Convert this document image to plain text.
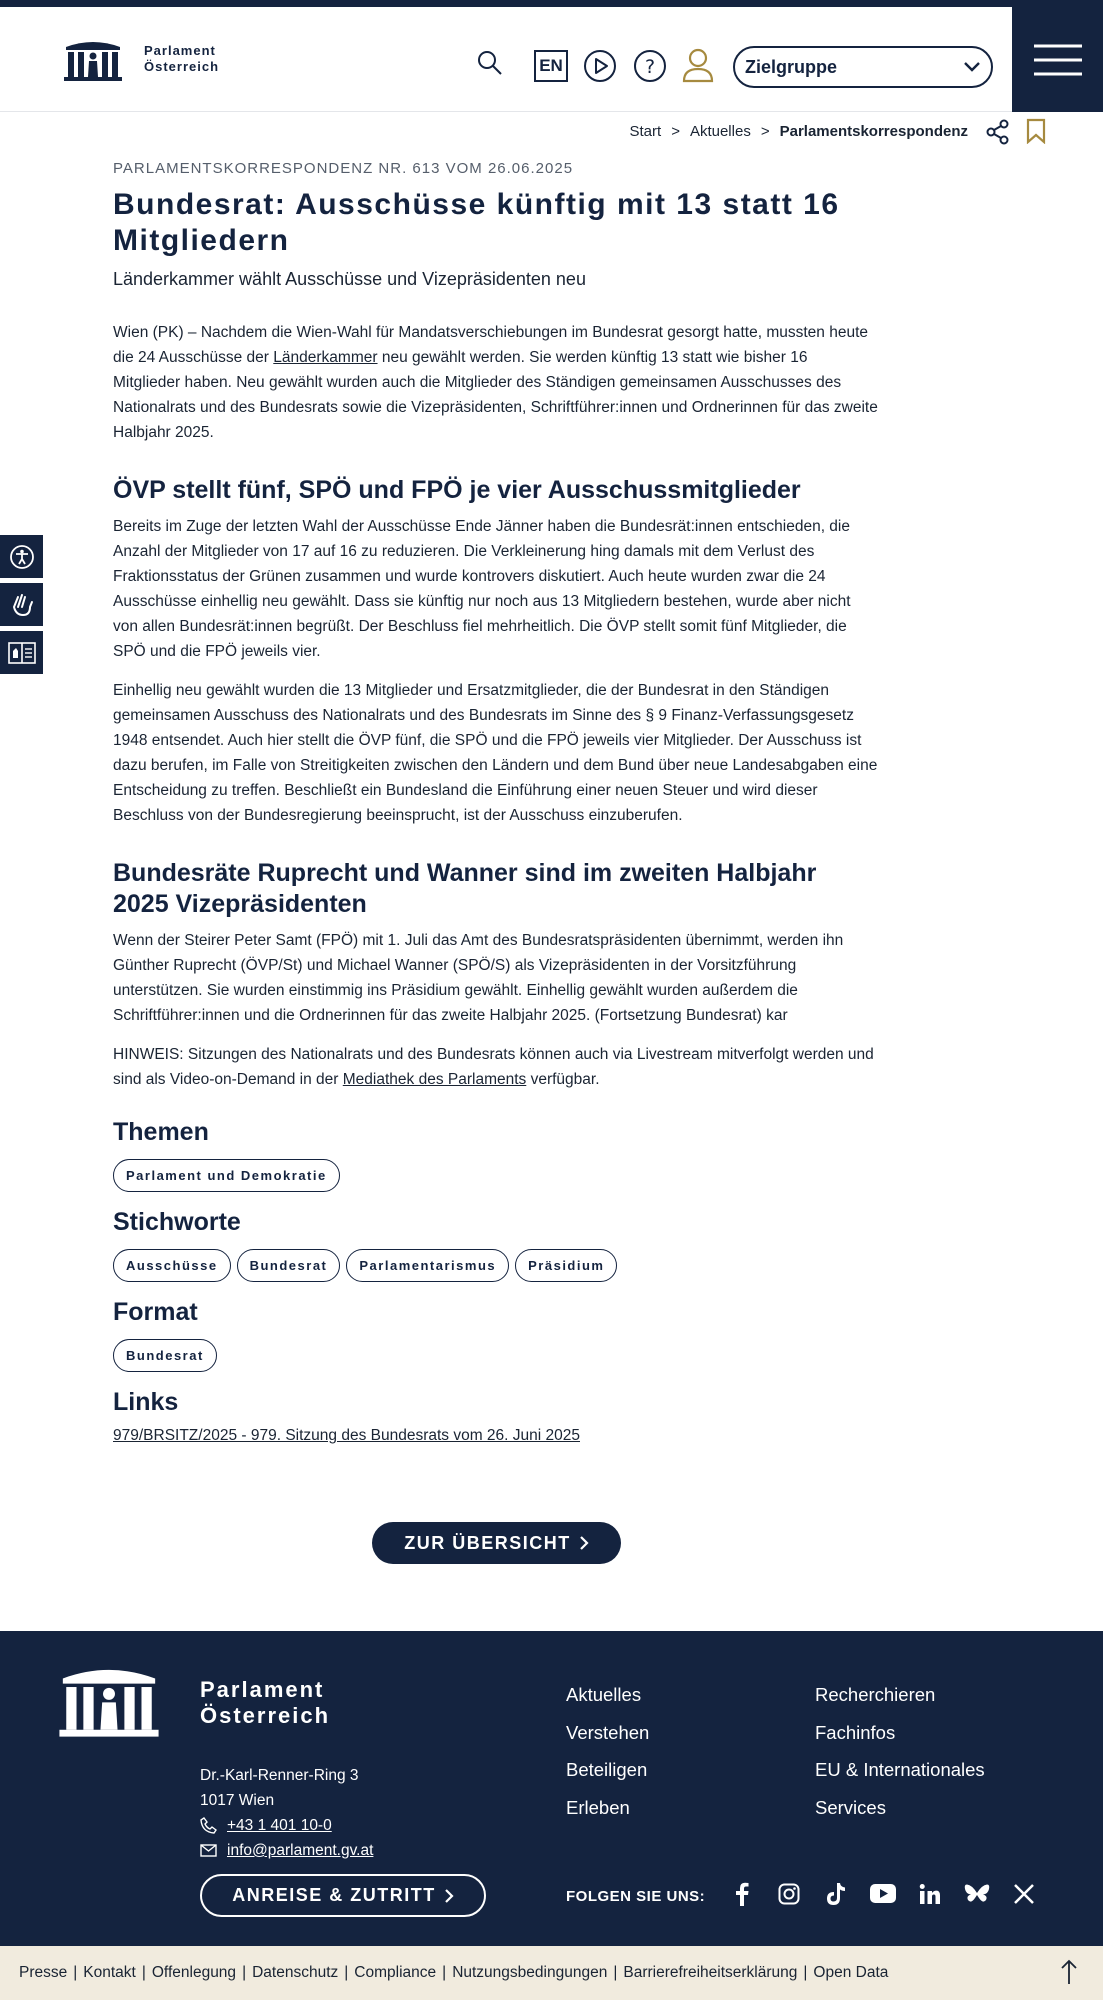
Parlament
Österreich	EN	?	Zielgruppe
Start > Aktuelles > Parlamentskorrespondenz
PARLAMENTSKORRESPONDENZ NR. 613 VOM 26.06.2025
Bundesrat: Ausschüsse künftig mit 13 statt 16 Mitgliedern
Länderkammer wählt Ausschüsse und Vizepräsidenten neu

Wien (PK) – Nachdem die Wien-Wahl für Mandatsverschiebungen im Bundesrat gesorgt hatte, mussten heute die 24 Ausschüsse der Länderkammer neu gewählt werden. Sie werden künftig 13 statt wie bisher 16 Mitglieder haben. Neu gewählt wurden auch die Mitglieder des Ständigen gemeinsamen Ausschusses des Nationalrats und des Bundesrats sowie die Vizepräsidenten, Schriftführer:innen und Ordnerinnen für das zweite Halbjahr 2025.

ÖVP stellt fünf, SPÖ und FPÖ je vier Ausschussmitglieder

Bereits im Zuge der letzten Wahl der Ausschüsse Ende Jänner haben die Bundesrät:innen entschieden, die Anzahl der Mitglieder von 17 auf 16 zu reduzieren. Die Verkleinerung hing damals mit dem Verlust des Fraktionsstatus der Grünen zusammen und wurde kontrovers diskutiert. Auch heute wurden zwar die 24 Ausschüsse einhellig neu gewählt. Dass sie künftig nur noch aus 13 Mitgliedern bestehen, wurde aber nicht von allen Bundesrät:innen begrüßt. Der Beschluss fiel mehrheitlich. Die ÖVP stellt somit fünf Mitglieder, die SPÖ und die FPÖ jeweils vier.

Einhellig neu gewählt wurden die 13 Mitglieder und Ersatzmitglieder, die der Bundesrat in den Ständigen gemeinsamen Ausschuss des Nationalrats und des Bundesrats im Sinne des § 9 Finanz-Verfassungsgesetz 1948 entsendet. Auch hier stellt die ÖVP fünf, die SPÖ und die FPÖ jeweils vier Mitglieder. Der Ausschuss ist dazu berufen, im Falle von Streitigkeiten zwischen den Ländern und dem Bund über neue Landesabgaben eine Entscheidung zu treffen. Beschließt ein Bundesland die Einführung einer neuen Steuer und wird dieser Beschluss von der Bundesregierung beeinsprucht, ist der Ausschuss einzuberufen.

Bundesräte Ruprecht und Wanner sind im zweiten Halbjahr 2025 Vizepräsidenten

Wenn der Steirer Peter Samt (FPÖ) mit 1. Juli das Amt des Bundesratspräsidenten übernimmt, werden ihn Günther Ruprecht (ÖVP/St) und Michael Wanner (SPÖ/S) als Vizepräsidenten in der Vorsitzführung unterstützen. Sie wurden einstimmig ins Präsidium gewählt. Einhellig gewählt wurden außerdem die Schriftführer:innen und die Ordnerinnen für das zweite Halbjahr 2025. (Fortsetzung Bundesrat) kar

HINWEIS: Sitzungen des Nationalrats und des Bundesrats können auch via Livestream mitverfolgt werden und sind als Video-on-Demand in der Mediathek des Parlaments verfügbar.

Themen
Parlament und Demokratie
Stichworte
Ausschüsse	Bundesrat	Parlamentarismus	Präsidium
Format
Bundesrat
Links
979/BRSITZ/2025 - 979. Sitzung des Bundesrats vom 26. Juni 2025
ZUR ÜBERSICHT
Parlament
Österreich
Dr.-Karl-Renner-Ring 3
1017 Wien
+43 1 401 10-0
info@parlament.gv.at
ANREISE & ZUTRITT
Aktuelles
Verstehen
Beteiligen
Erleben
Recherchieren
Fachinfos
EU & Internationales
Services
FOLGEN SIE UNS:
Presse | Kontakt | Offenlegung | Datenschutz | Compliance | Nutzungsbedingungen | Barrierefreiheitserklärung | Open Data
